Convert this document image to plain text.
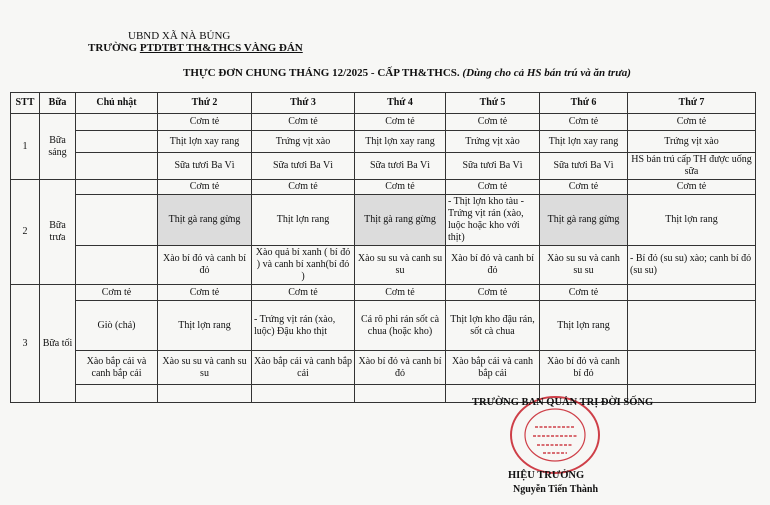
UBND XÃ NÀ BỦNG
TRƯỜNG PTDTBT TH&THCS VÀNG ĐÁN
THỰC ĐƠN CHUNG THÁNG 12/2025 - CẤP TH&THCS. (Dùng cho cả HS bán trú và ăn trưa)
STT	Bữa	Chủ nhật	Thứ 2	Thứ 3	Thứ 4	Thứ 5	Thứ 6	Thứ 7
1	Bữa sáng		Cơm tẻ	Cơm tẻ	Cơm tẻ	Cơm tẻ	Cơm tẻ	Cơm tẻ
			Thịt lợn xay rang	Trứng vịt xào	Thịt lợn xay rang	Trứng vịt xào	Thịt lợn xay rang	Trứng vịt xào
			Sữa tươi Ba Vì	Sữa tươi Ba Vì	Sữa tươi Ba Vì	Sữa tươi Ba Vì	Sữa tươi Ba Vì	HS bán trú cấp TH được uống sữa
2	Bữa trưa		Cơm tẻ	Cơm tẻ	Cơm tẻ	Cơm tẻ	Cơm tẻ	Cơm tẻ
			Thịt gà rang gừng	Thịt lợn rang	Thịt gà rang gừng	- Thịt lợn kho tàu - Trứng vịt rán (xào, luộc hoặc kho với thịt)	Thịt gà rang gừng	Thịt lợn rang
			Xào bí đỏ và canh bí đỏ	Xào quả bí xanh ( bí đỏ ) và canh bí xanh(bí đỏ )	Xào su su và canh su su	Xào bí đỏ và canh bí đỏ	Xào su su và canh su su	- Bí đỏ (su su) xào; canh bí đỏ (su su)
3	Bữa tối	Cơm tẻ	Cơm tẻ	Cơm tẻ	Cơm tẻ	Cơm tẻ	Cơm tẻ	
		Giò (chả)	Thịt lợn rang	- Trứng vịt rán (xào, luộc) Đậu kho thịt	Cá rô phi rán sốt cà chua (hoặc kho)	Thịt lợn kho đậu rán, sốt cà chua	Thịt lợn rang	
		Xào bắp cải và canh bắp cải	Xào su su và canh su su	Xào bắp cải và canh bắp cải	Xào bí đỏ và canh bí đỏ	Xào bắp cải và canh bắp cải	Xào bí đỏ và canh bí đỏ	

TRƯỜNG BAN QUẢN TRỊ ĐỜI SỐNG
HIỆU TRƯỞNG
Nguyễn Tiến Thành
